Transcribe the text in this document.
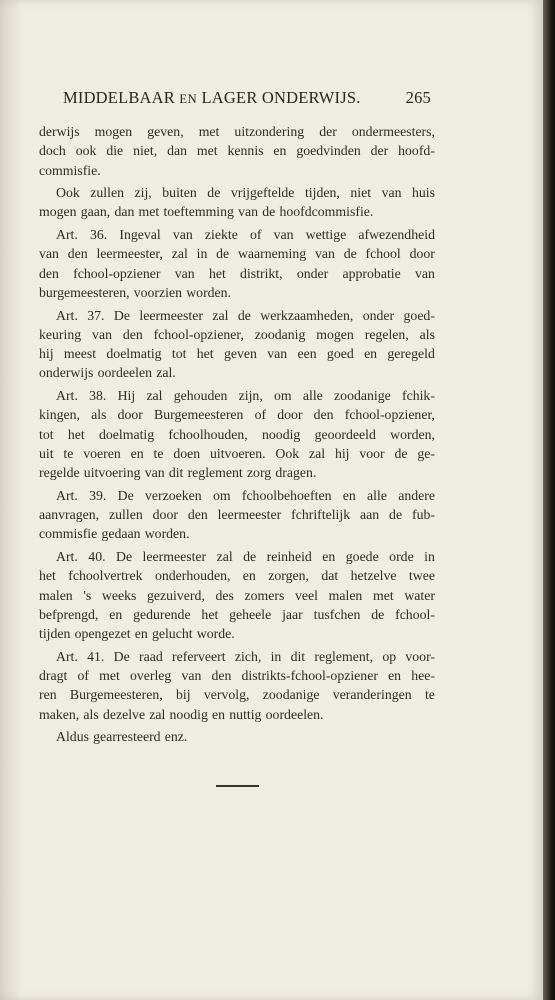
MIDDELBAAR EN LAGER ONDERWIJS.	265
derwijs mogen geven, met uitzondering der ondermeesters,
doch ook die niet, dan met kennis en goedvinden der hoofd-
commisfie.
Ook zullen zij, buiten de vrijgeftelde tijden, niet van huis
mogen gaan, dan met toeftemming van de hoofdcommisfie.
Art. 36. Ingeval van ziekte of van wettige afwezendheid
van den leermeester, zal in de waarneming van de fchool door
den fchool-opziener van het distrikt, onder approbatie van
burgemeesteren, voorzien worden.
Art. 37. De leermeester zal de werkzaamheden, onder goed-
keuring van den fchool-opziener, zoodanig mogen regelen, als
hij meest doelmatig tot het geven van een goed en geregeld
onderwijs oordeelen zal.
Art. 38. Hij zal gehouden zijn, om alle zoodanige fchik-
kingen, als door Burgemeesteren of door den fchool-opziener,
tot het doelmatig fchoolhouden, noodig geoordeeld worden,
uit te voeren en te doen uitvoeren. Ook zal hij voor de ge-
regelde uitvoering van dit reglement zorg dragen.
Art. 39. De verzoeken om fchoolbehoeften en alle andere
aanvragen, zullen door den leermeester fchriftelijk aan de fub-
commisfie gedaan worden.
Art. 40. De leermeester zal de reinheid en goede orde in
het fchoolvertrek onderhouden, en zorgen, dat hetzelve twee
malen 's weeks gezuiverd, des zomers veel malen met water
befprengd, en gedurende het geheele jaar tusfchen de fchool-
tijden opengezet en gelucht worde.
Art. 41. De raad referveert zich, in dit reglement, op voor-
dragt of met overleg van den distrikts-fchool-opziener en hee-
ren Burgemeesteren, bij vervolg, zoodanige veranderingen te
maken, als dezelve zal noodig en nuttig oordeelen.
Aldus gearresteerd enz.
